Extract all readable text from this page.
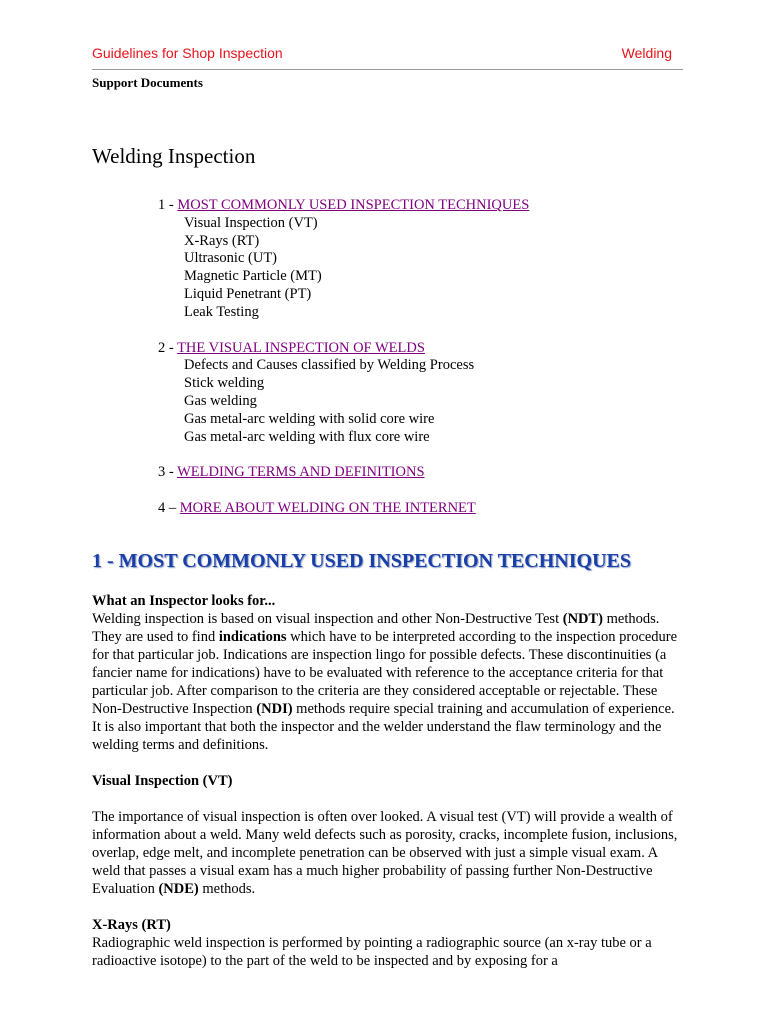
Guidelines for Shop Inspection	Welding
Support Documents
Welding Inspection
1 - MOST COMMONLY USED INSPECTION TECHNIQUES
Visual Inspection (VT)
X-Rays (RT)
Ultrasonic (UT)
Magnetic Particle (MT)
Liquid Penetrant (PT)
Leak Testing
2 - THE VISUAL INSPECTION OF WELDS
Defects and Causes classified by Welding Process
Stick welding
Gas welding
Gas metal-arc welding with solid core wire
Gas metal-arc welding with flux core wire
3 - WELDING TERMS AND DEFINITIONS
4 – MORE ABOUT WELDING ON THE INTERNET
1 - MOST COMMONLY USED INSPECTION TECHNIQUES

What an Inspector looks for...

Welding inspection is based on visual inspection and other Non-Destructive Test (NDT) methods. They are used to find indications which have to be interpreted according to the inspection procedure for that particular job. Indications are inspection lingo for possible defects. These discontinuities (a fancier name for indications) have to be evaluated with reference to the acceptance criteria for that particular job. After comparison to the criteria are they considered acceptable or rejectable. These Non-Destructive Inspection (NDI) methods require special training and accumulation of experience. It is also important that both the inspector and the welder understand the flaw terminology and the welding terms and definitions.

Visual Inspection (VT)

The importance of visual inspection is often over looked. A visual test (VT) will provide a wealth of information about a weld. Many weld defects such as porosity, cracks, incomplete fusion, inclusions, overlap, edge melt, and incomplete penetration can be observed with just a simple visual exam. A weld that passes a visual exam has a much higher probability of passing further Non-Destructive Evaluation (NDE) methods.

X-Rays (RT)

Radiographic weld inspection is performed by pointing a radiographic source (an x-ray tube or a radioactive isotope) to the part of the weld to be inspected and by exposing for a
